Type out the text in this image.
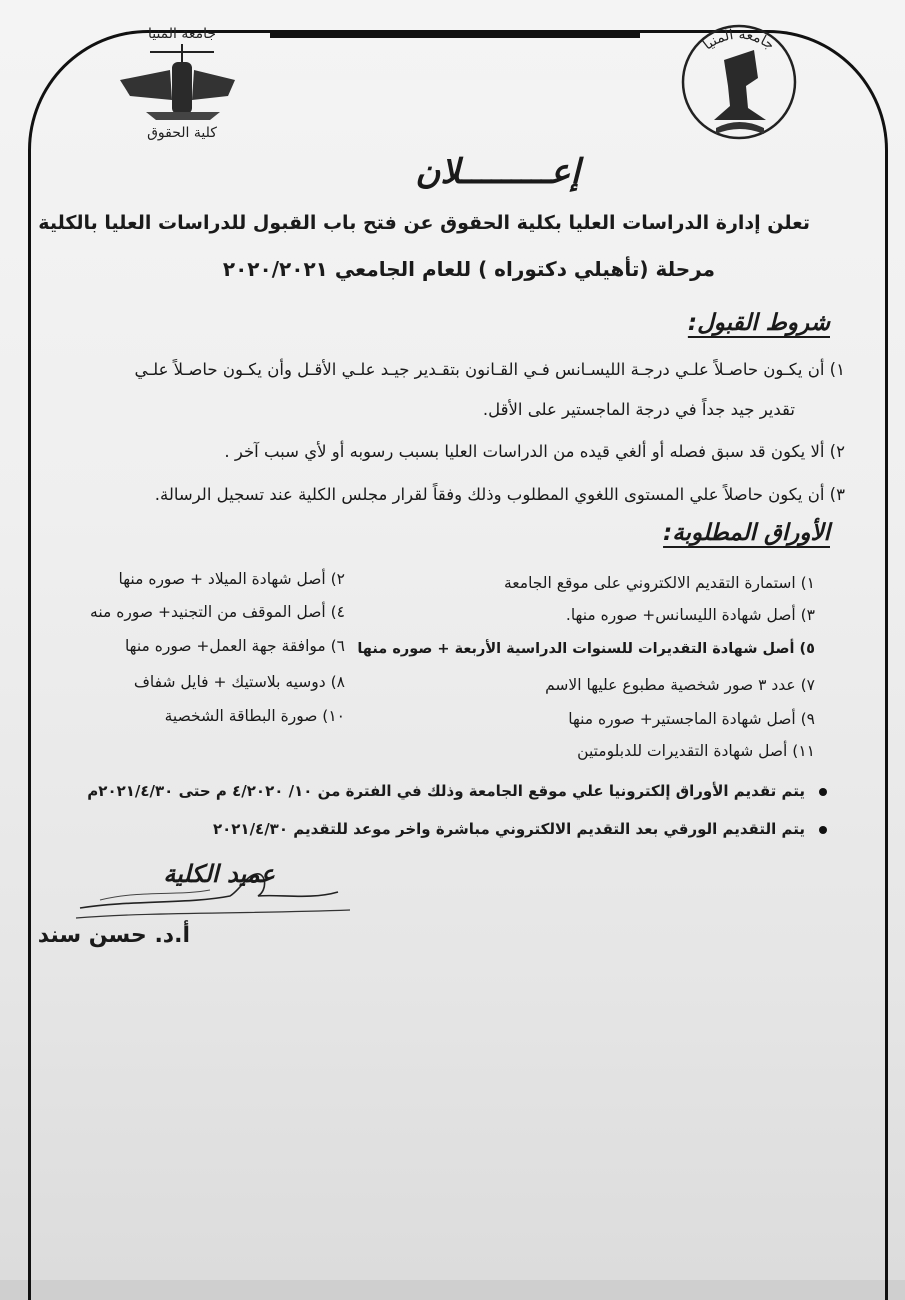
جامعة المنيا
جامعة المنيا
كلية الحقوق
إعـــــــــلان
تعلن إدارة الدراسات العليا بكلية الحقوق عن فتح باب القبول للدراسات العليا بالكلية
مرحلة (تأهيلي دكتوراه ) للعام الجامعي ٢٠٢٠/٢٠٢١
شروط القبول:
١) أن يكـون حاصـلاً علـي درجـة الليسـانس فـي القـانون بتقـدير جيـد علـي الأقـل وأن يكـون حاصـلاً علـي
تقدير جيد جداً في درجة الماجستير على الأقل.
٢) ألا يكون قد سبق فصله أو ألغي قيده من الدراسات العليا بسبب رسوبه أو لأي سبب آخر .
٣) أن يكون حاصلاً علي المستوى اللغوي المطلوب وذلك وفقاً لقرار مجلس الكلية عند تسجيل الرسالة.
الأوراق المطلوبة:
١) استمارة التقديم الالكتروني على موقع الجامعة
٣) أصل شهادة الليسانس+ صوره منها.
٥) أصل شهادة التقديرات للسنوات الدراسية الأربعة + صوره منها
٧) عدد ٣ صور شخصية مطبوع عليها الاسم
٩) أصل شهادة الماجستير+ صوره منها
١١) أصل شهادة التقديرات للدبلومتين
٢) أصل شهادة الميلاد + صوره منها
٤) أصل الموقف من التجنيد+ صوره منه
٦) موافقة جهة العمل+ صوره منها
٨) دوسيه بلاستيك + فايل شفاف
١٠) صورة البطاقة الشخصية
يتم تقديم الأوراق إلكترونيا علي موقع الجامعة وذلك في الفترة من ١٠/ ٤/٢٠٢٠ م حتى ٢٠٢١/٤/٣٠م
يتم التقديم الورقي بعد التقديم الالكتروني مباشرة واخر موعد للتقديم ٢٠٢١/٤/٣٠
عميد الكلية
أ.د. حسن سند
